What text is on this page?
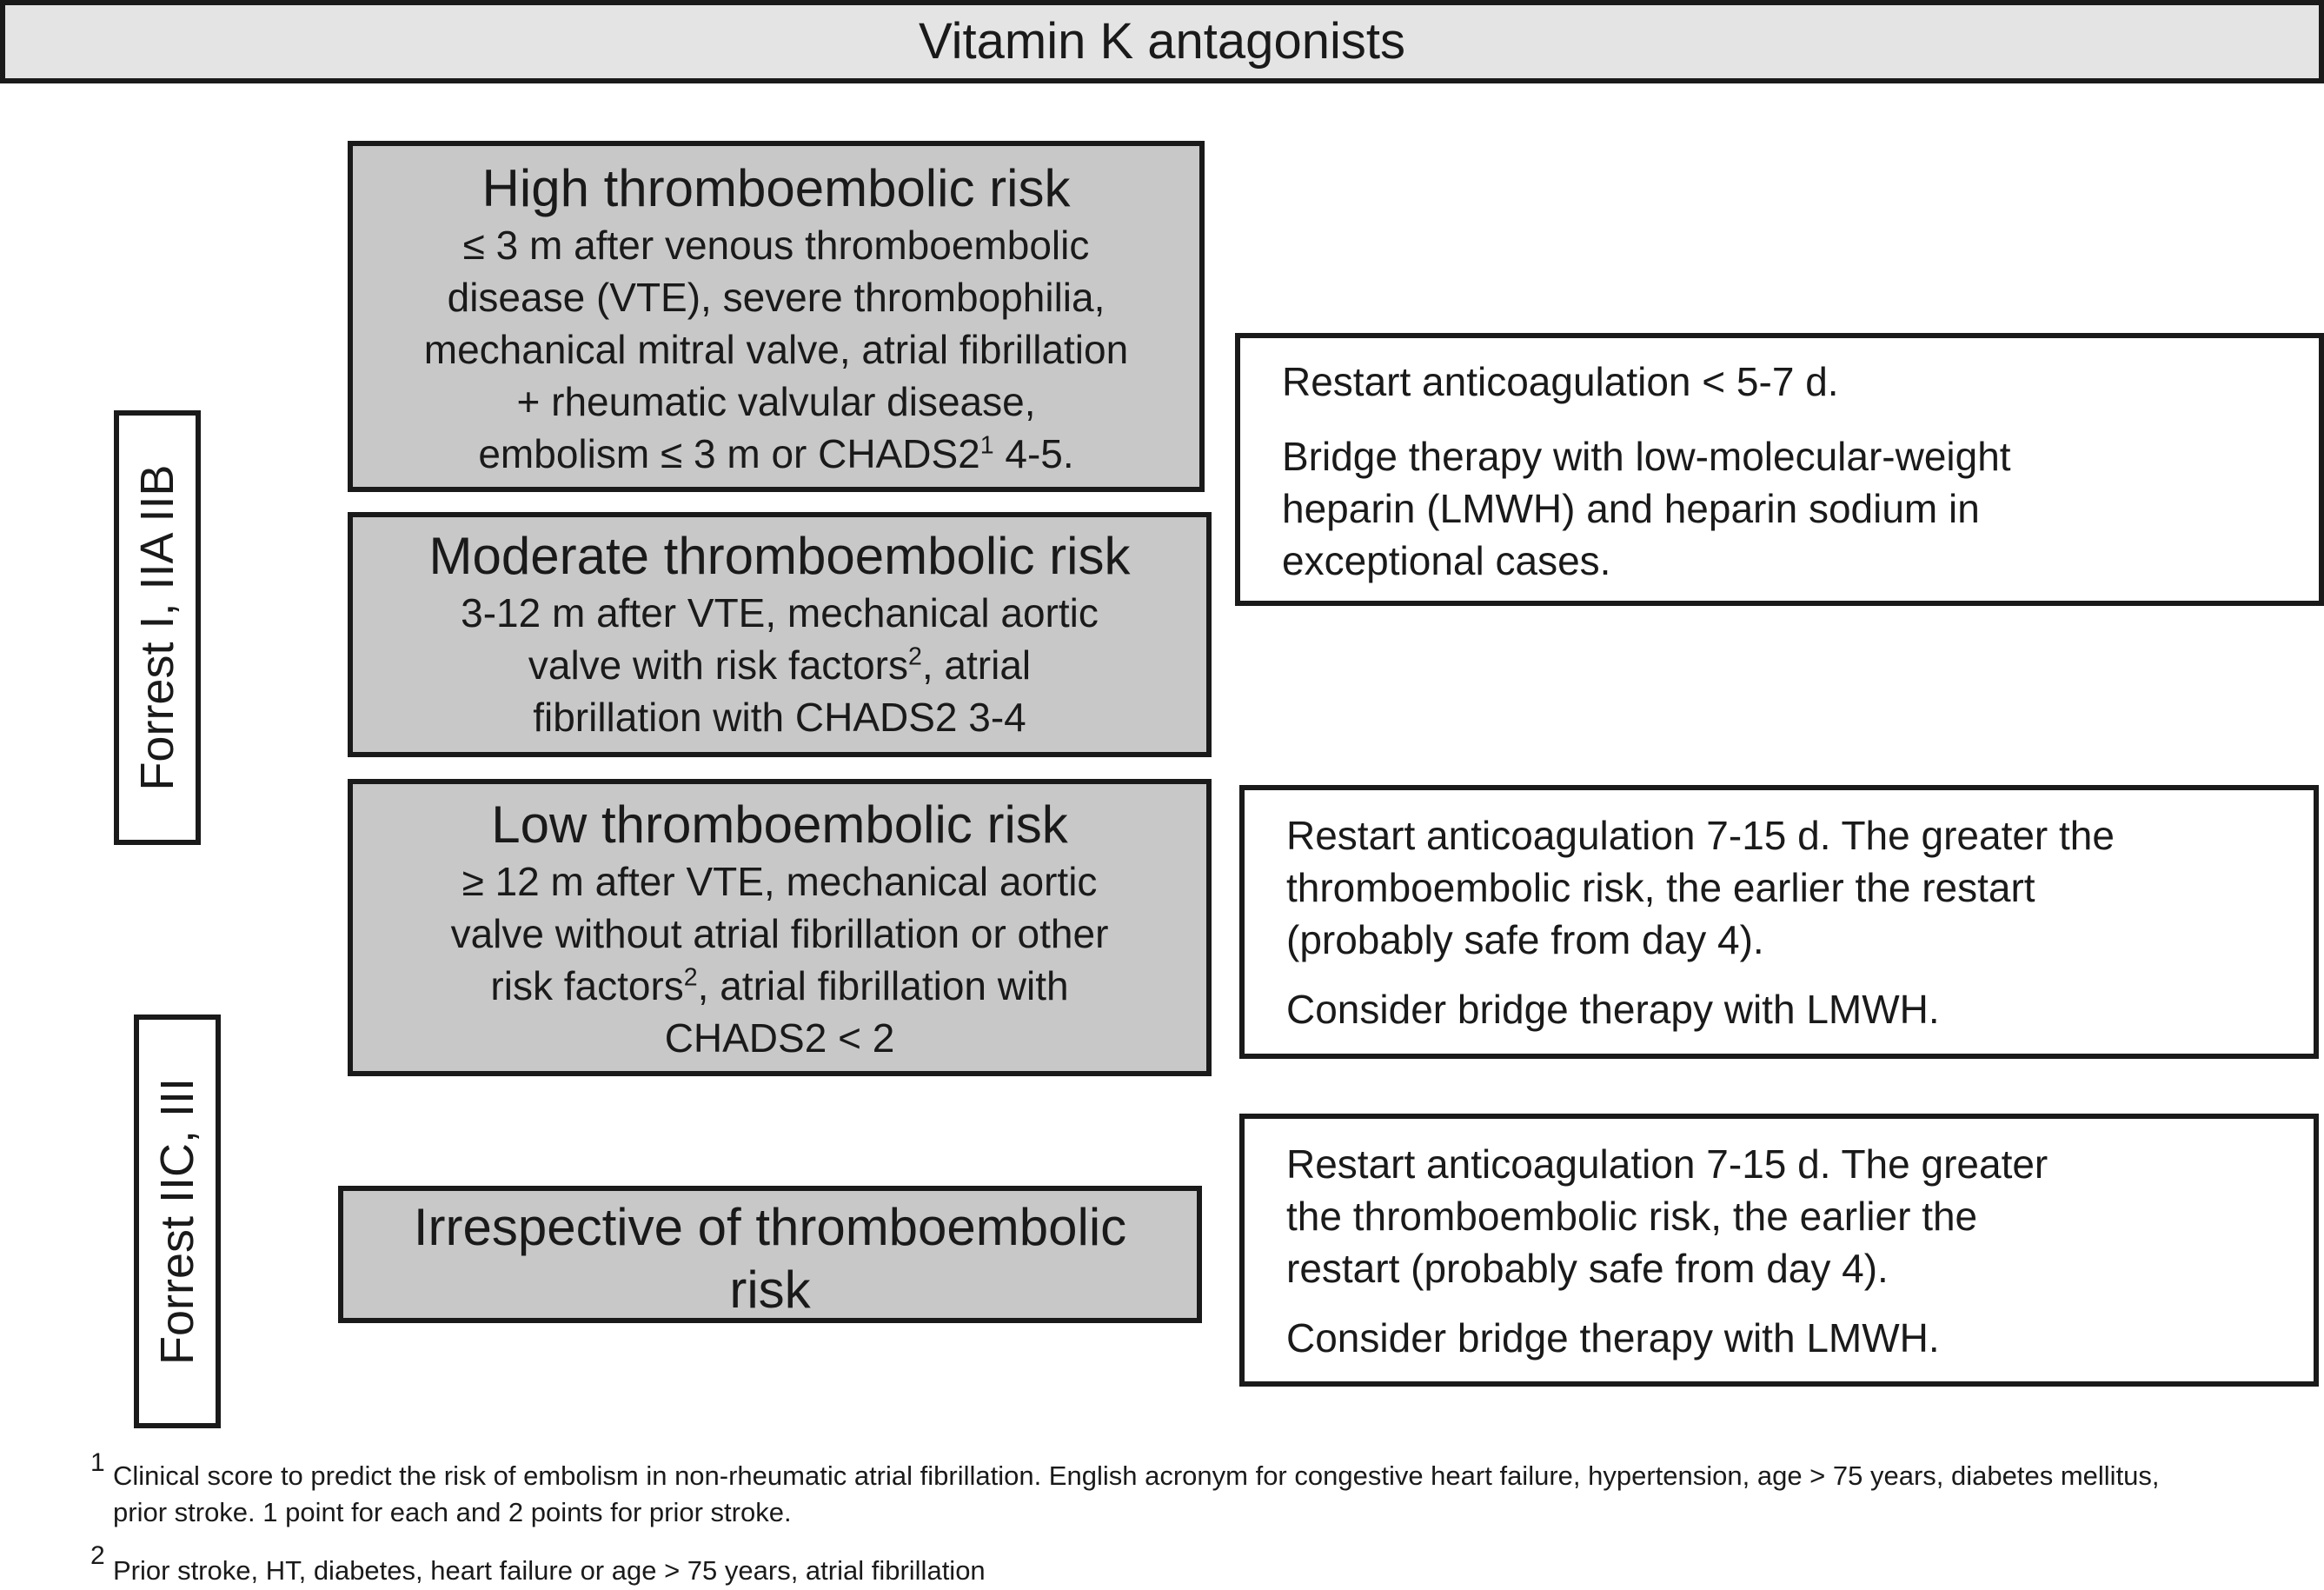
Vitamin K antagonists
Forrest I, IIA IIB
Forrest IIC, III
High thromboembolic risk
≤ 3 m after venous thromboembolic
disease (VTE), severe thrombophilia,
mechanical mitral valve, atrial fibrillation
+ rheumatic valvular disease,
embolism ≤ 3 m or $CHADS2^1$ 4-5.
Moderate thromboembolic risk
3-12 m after VTE, mechanical aortic
valve with risk factors$^2$, atrial
fibrillation with CHADS2 3-4
Low thromboembolic risk
≥ 12 m after VTE, mechanical aortic
valve without atrial fibrillation or other
risk factors$^2$, atrial fibrillation with
CHADS2 < 2
Irrespective of thromboembolic
risk

Restart anticoagulation < 5-7 d.

Bridge therapy with low-molecular-weight

heparin (LMWH) and heparin sodium in

exceptional cases.

Restart anticoagulation 7-15 d. The greater the

thromboembolic risk, the earlier the restart

(probably safe from day 4).

Consider bridge therapy with LMWH.

Restart anticoagulation 7-15 d. The greater

the thromboembolic risk, the earlier the

restart (probably safe from day 4).

Consider bridge therapy with LMWH.

1 Clinical score to predict the risk of embolism in non-rheumatic atrial fibrillation. English acronym for congestive heart failure, hypertension, age > 75 years, diabetes mellitus,
prior stroke. 1 point for each and 2 points for prior stroke.
2 Prior stroke, HT, diabetes, heart failure or age > 75 years, atrial fibrillation
